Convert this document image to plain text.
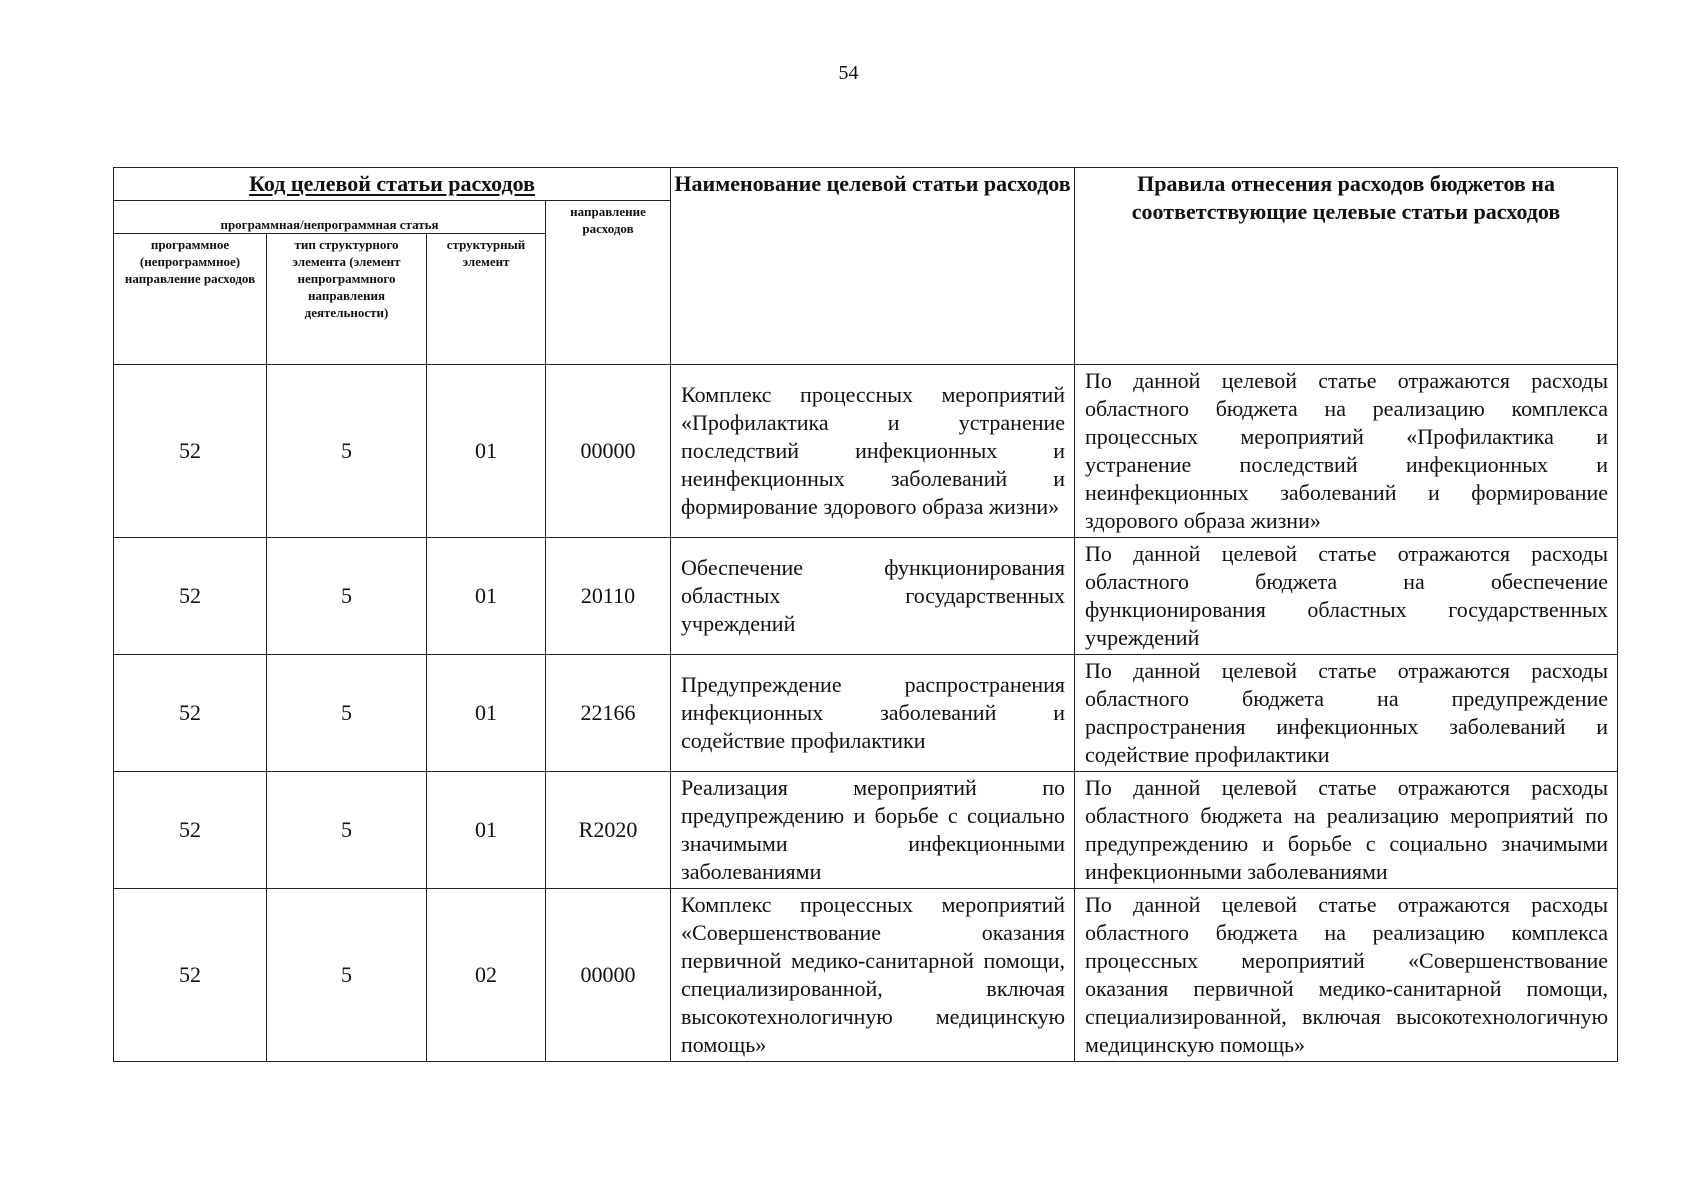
54
Код целевой статьи расходов				Наименование целевой статьи расходов	Правила отнесения расходов бюджетов на соответствующие целевые статьи расходов
программная/непрограммная статья			направление расходов		
программное (непрограммное) направление расходов	тип структурного элемента (элемент непрограммного направления деятельности)	структурный элемент			
52	5	01	00000	Комплекс процессных мероприятий «Профилактика и устранение последствий инфекционных и неинфекционных заболеваний и формирование здорового образа жизни»	По данной целевой статье отражаются расходы областного бюджета на реализацию комплекса процессных мероприятий «Профилактика и устранение последствий инфекционных и неинфекционных заболеваний и формирование здорового образа жизни»
52	5	01	20110	Обеспечение функционирования областных государственных учреждений	По данной целевой статье отражаются расходы областного бюджета на обеспечение функционирования областных государственных учреждений
52	5	01	22166	Предупреждение распространения инфекционных заболеваний и содействие профилактики	По данной целевой статье отражаются расходы областного бюджета на предупреждение распространения инфекционных заболеваний и содействие профилактики
52	5	01	R2020	Реализация мероприятий по предупреждению и борьбе с социально значимыми инфекционными заболеваниями	По данной целевой статье отражаются расходы областного бюджета на реализацию мероприятий по предупреждению и борьбе с социально значимыми инфекционными заболеваниями
52	5	02	00000	Комплекс процессных мероприятий «Совершенствование оказания первичной медико-санитарной помощи, специализированной, включая высокотехнологичную медицинскую помощь»	По данной целевой статье отражаются расходы областного бюджета на реализацию комплекса процессных мероприятий «Совершенствование оказания первичной медико-санитарной помощи, специализированной, включая высокотехнологичную медицинскую помощь»
